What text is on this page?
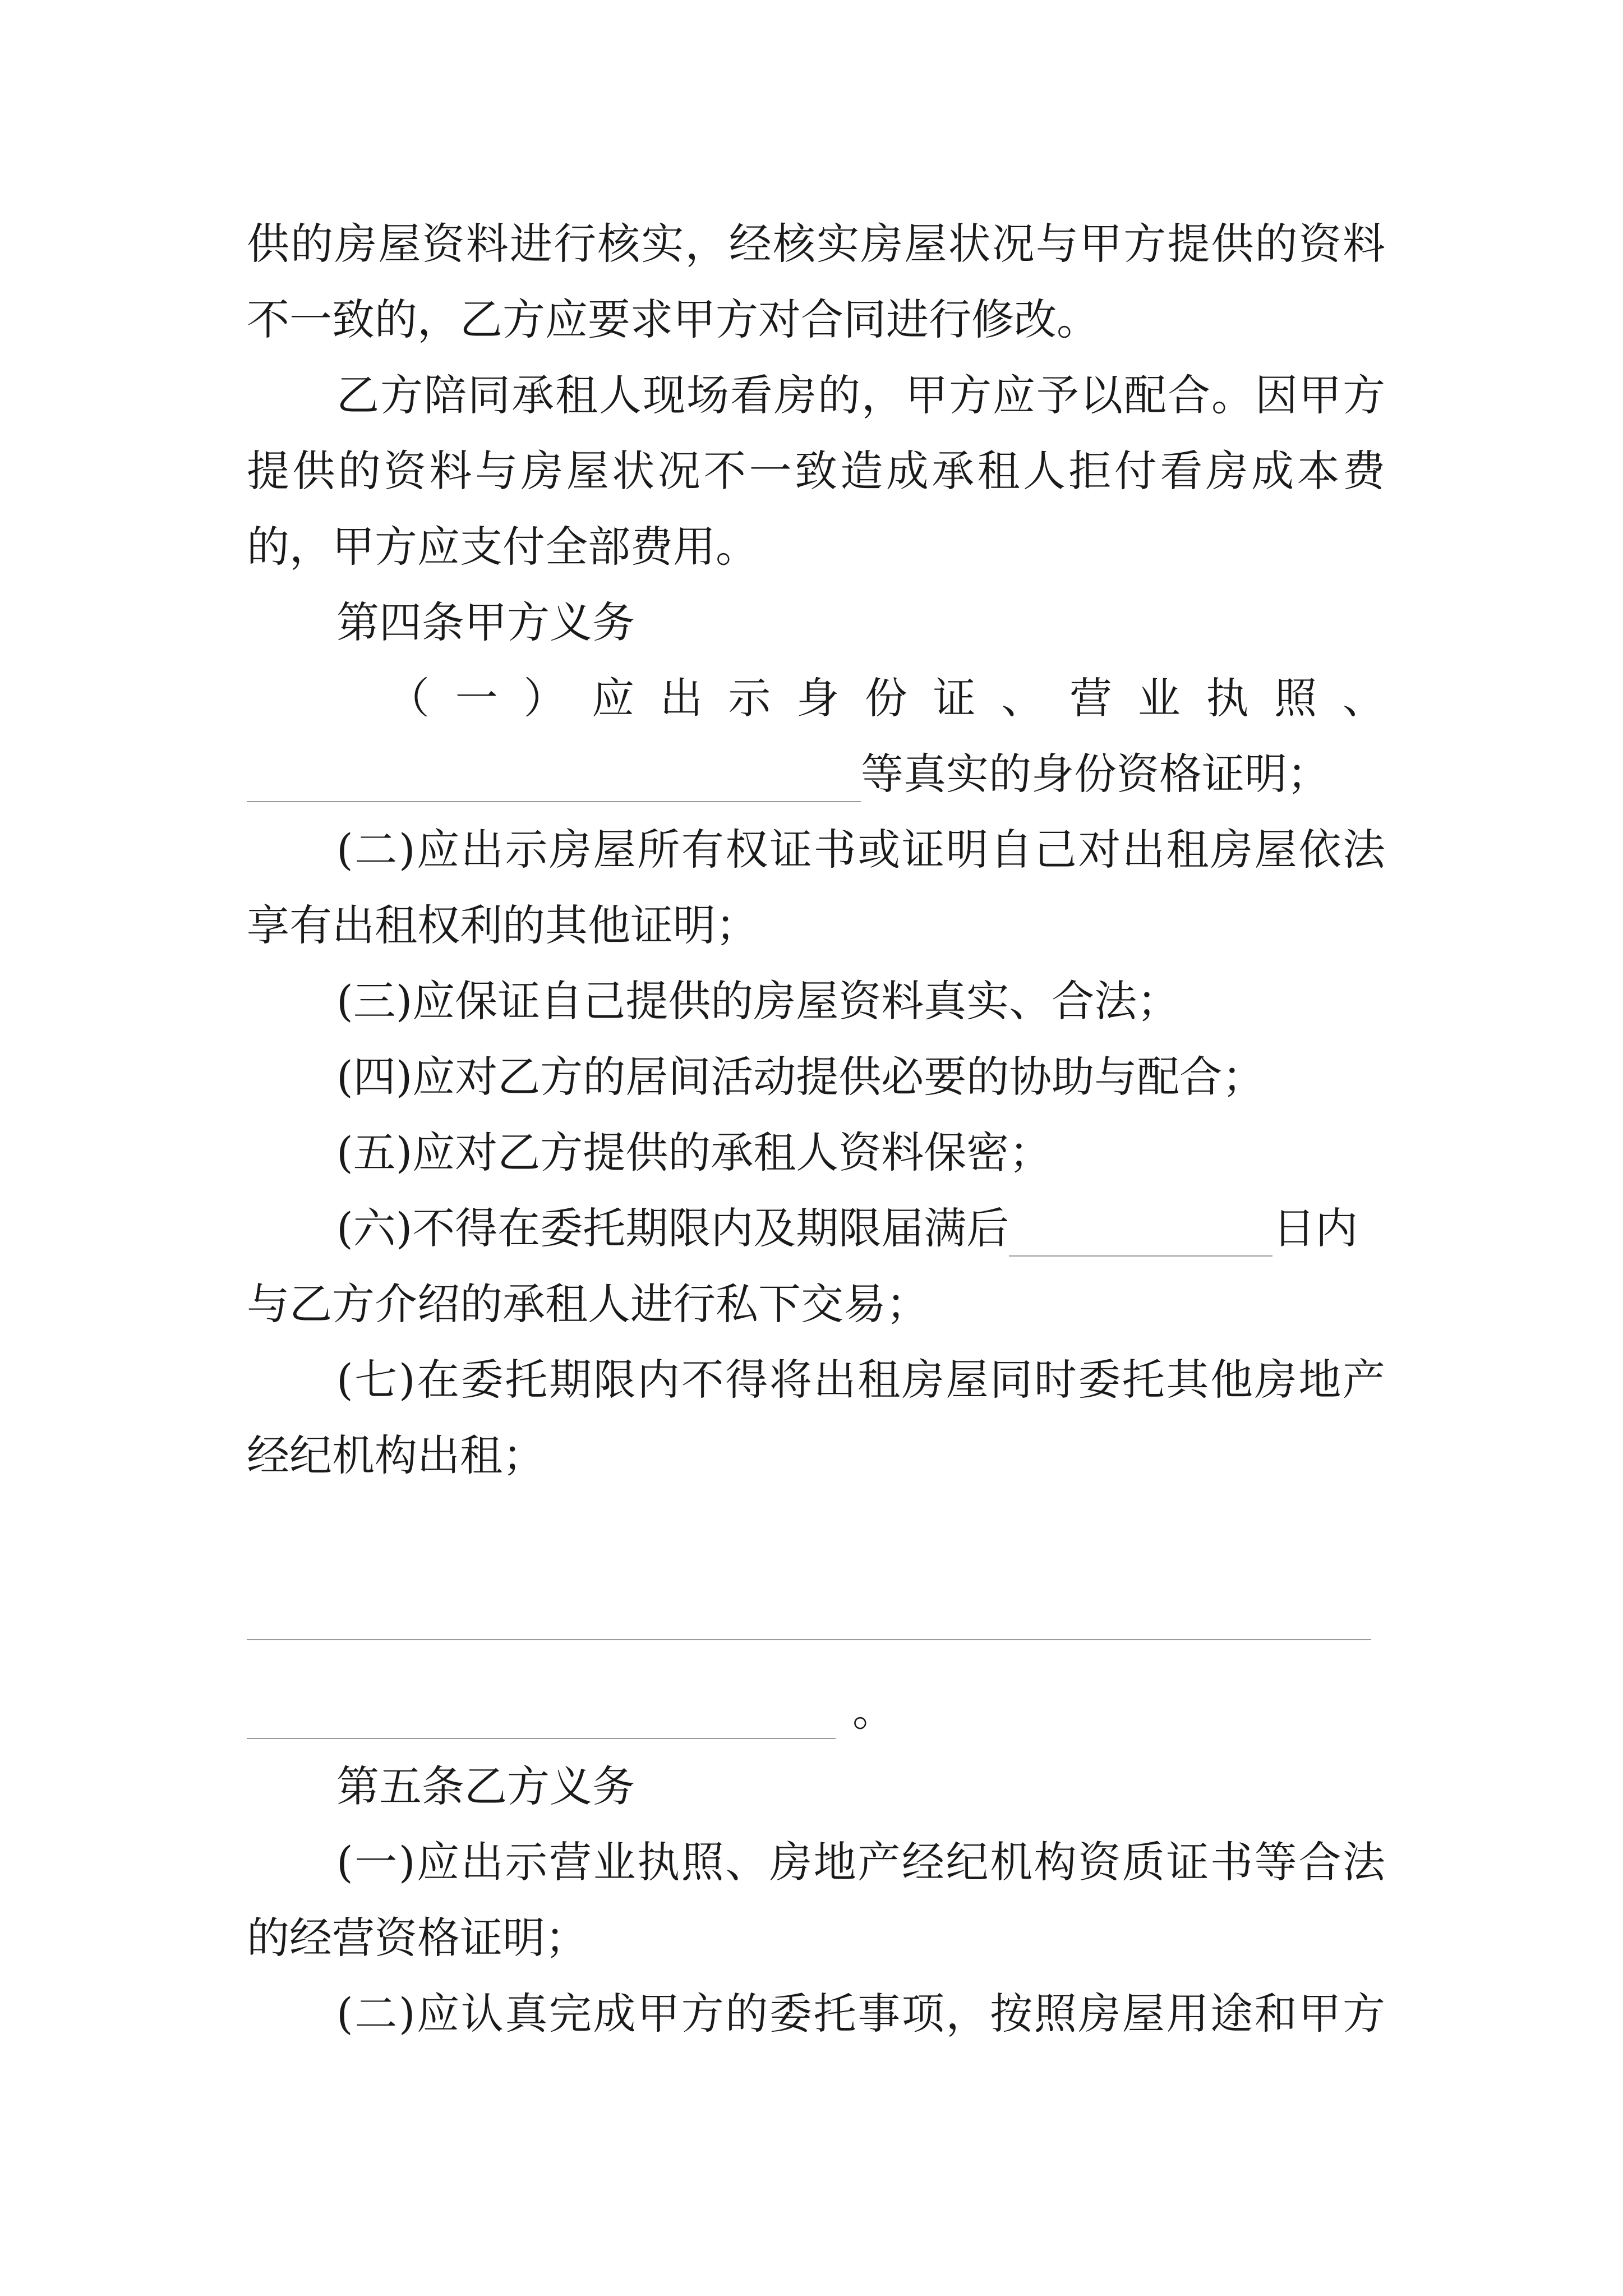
供的房屋资料进行核实，经核实房屋状况与甲方提供的资料
不一致的，乙方应要求甲方对合同进行修改。
乙方陪同承租人现场看房的，甲方应予以配合。因甲方
提供的资料与房屋状况不一致造成承租人拒付看房成本费
的，甲方应支付全部费用。
第四条甲方义务
（ 一 ） 应 出 示 身 份 证 、 营 业 执 照 、
等真实的身份资格证明；
(二)应出示房屋所有权证书或证明自己对出租房屋依法
享有出租权利的其他证明；
(三)应保证自己提供的房屋资料真实、合法；
(四)应对乙方的居间活动提供必要的协助与配合；
(五)应对乙方提供的承租人资料保密；
(六)不得在委托期限内及期限届满后	日内
与乙方介绍的承租人进行私下交易；
(七)在委托期限内不得将出租房屋同时委托其他房地产
经纪机构出租；
。
第五条乙方义务
(一)应出示营业执照、房地产经纪机构资质证书等合法
的经营资格证明；
(二)应认真完成甲方的委托事项，按照房屋用途和甲方
